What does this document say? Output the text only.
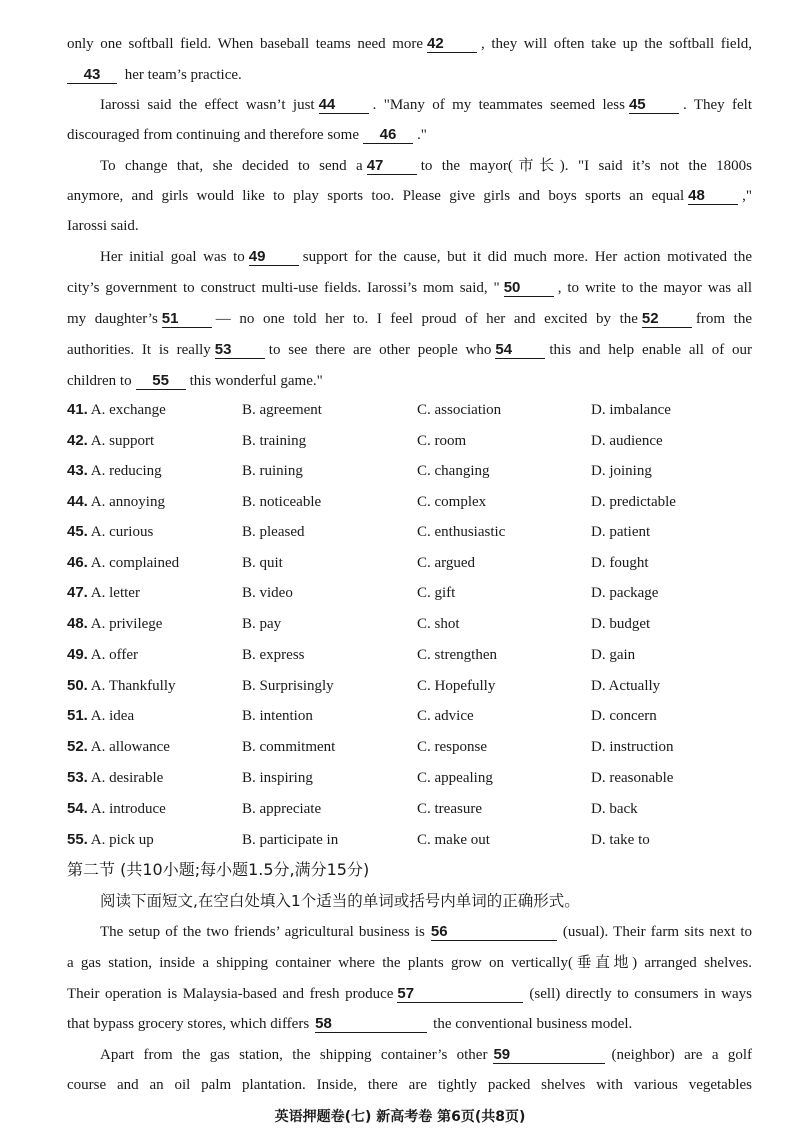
only one softball field. When baseball teams need more 42 , they will often take up the softball field,
43 her team’s practice.
Iarossi said the effect wasn’t just 44 . "Many of my teammates seemed less 45 . They felt
discouraged from continuing and therefore some 46 ."
To change that, she decided to send a 47 to the mayor(市长). "I said it’s not the 1800s
anymore, and girls would like to play sports too. Please give girls and boys sports an equal 48 ,"
Iarossi said.
Her initial goal was to 49 support for the cause, but it did much more. Her action motivated the
city’s government to construct multi-use fields. Iarossi’s mom said, " 50 , to write to the mayor was all
my daughter’s 51 — no one told her to. I feel proud of her and excited by the 52 from the
authorities. It is really 53 to see there are other people who 54 this and help enable all of our
children to 55 this wonderful game."
41. A. exchange	B. agreement	C. association	D. imbalance
42. A. support	B. training	C. room	D. audience
43. A. reducing	B. ruining	C. changing	D. joining
44. A. annoying	B. noticeable	C. complex	D. predictable
45. A. curious	B. pleased	C. enthusiastic	D. patient
46. A. complained	B. quit	C. argued	D. fought
47. A. letter	B. video	C. gift	D. package
48. A. privilege	B. pay	C. shot	D. budget
49. A. offer	B. express	C. strengthen	D. gain
50. A. Thankfully	B. Surprisingly	C. Hopefully	D. Actually
51. A. idea	B. intention	C. advice	D. concern
52. A. allowance	B. commitment	C. response	D. instruction
53. A. desirable	B. inspiring	C. appealing	D. reasonable
54. A. introduce	B. appreciate	C. treasure	D. back
55. A. pick up	B. participate in	C. make out	D. take to
第二节 (共10小题;每小题1.5分,满分15分)
阅读下面短文,在空白处填入1个适当的单词或括号内单词的正确形式。
The setup of the two friends’ agricultural business is 56	(usual). Their farm sits next to
a gas station, inside a shipping container where the plants grow on vertically(垂直地) arranged shelves.
Their operation is Malaysia-based and fresh produce 57	(sell) directly to consumers in ways
that bypass grocery stores, which differs 58	the conventional business model.
Apart from the gas station, the shipping container’s other 59	(neighbor) are a golf
course and an oil palm plantation. Inside, there are tightly packed shelves with various vegetables
英语押题卷(七) 新高考卷 第6页(共8页)
